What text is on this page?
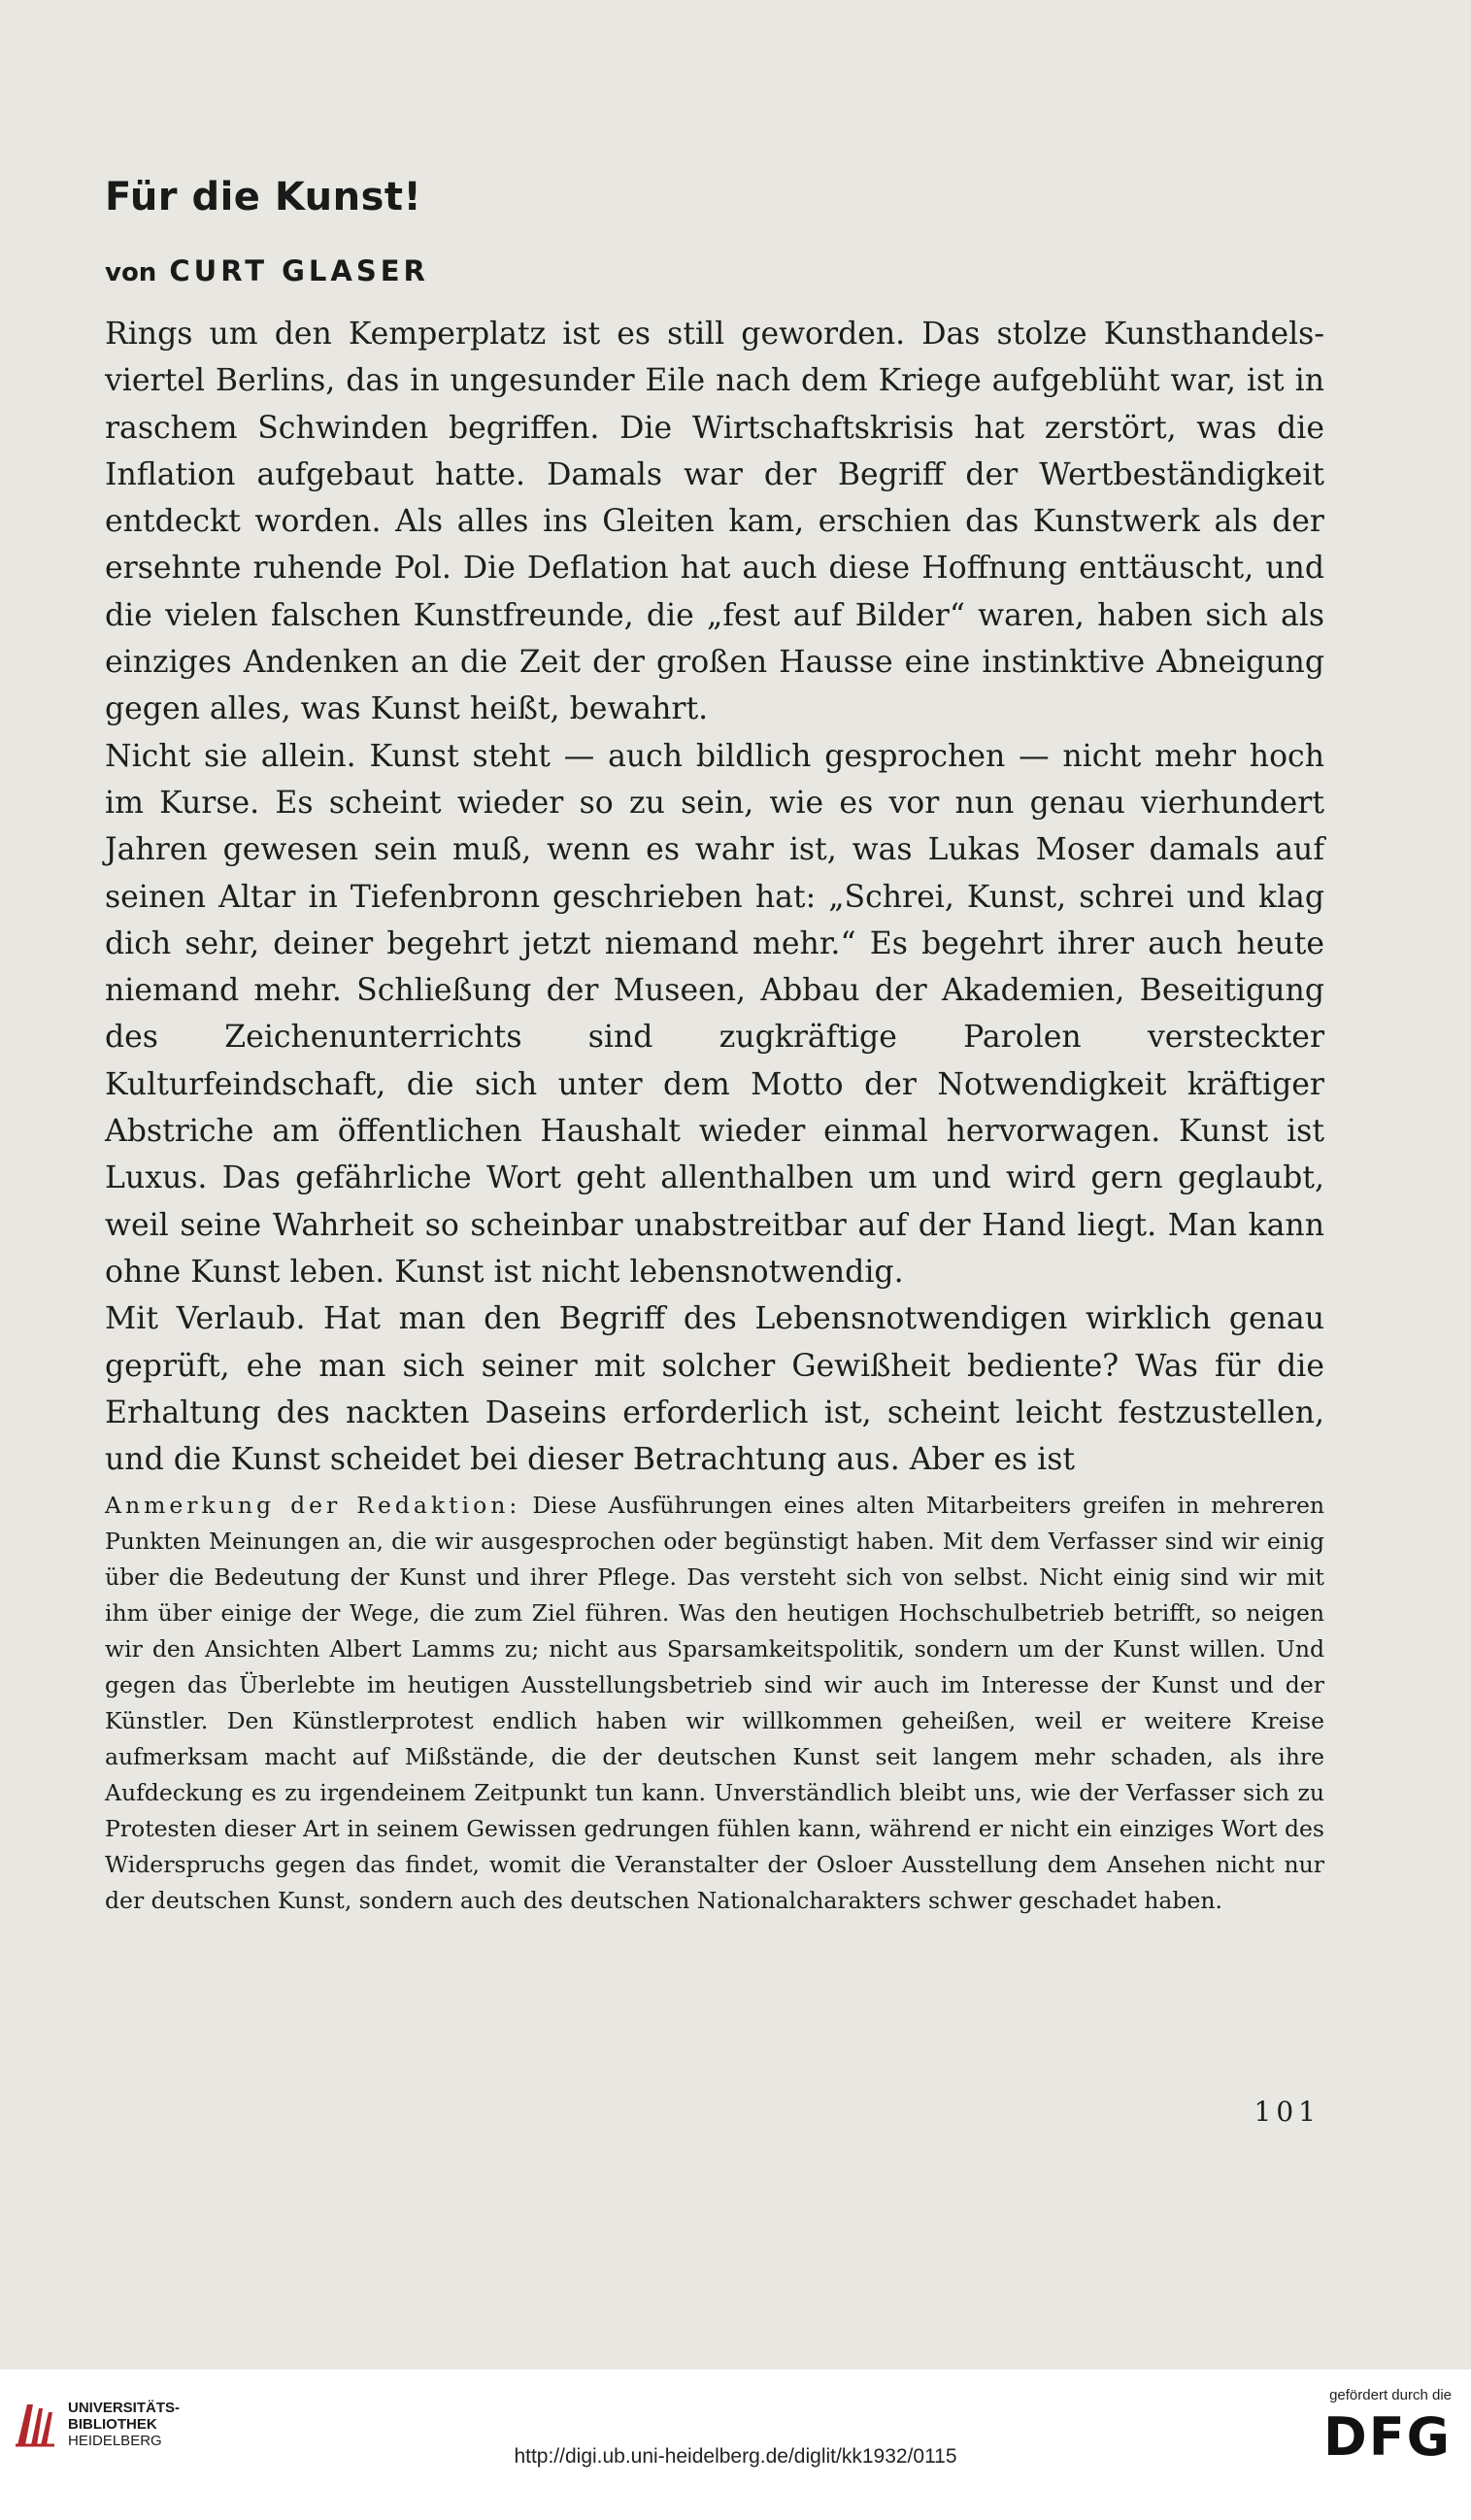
Für die Kunst!
von CURT GLASER

Rings um den Kemperplatz ist es still geworden. Das stolze Kunsthandelsviertel Berlins, das in ungesunder Eile nach dem Kriege aufgeblüht war, ist in raschem Schwinden begriffen. Die Wirtschaftskrisis hat zerstört, was die Inflation aufgebaut hatte. Damals war der Begriff der Wertbeständigkeit entdeckt worden. Als alles ins Gleiten kam, erschien das Kunstwerk als der ersehnte ruhende Pol. Die Deflation hat auch diese Hoffnung enttäuscht, und die vielen falschen Kunstfreunde, die „fest auf Bilder“ waren, haben sich als einziges Andenken an die Zeit der großen Hausse eine instinktive Abneigung gegen alles, was Kunst heißt, bewahrt.

Nicht sie allein. Kunst steht — auch bildlich gesprochen — nicht mehr hoch im Kurse. Es scheint wieder so zu sein, wie es vor nun genau vierhundert Jahren gewesen sein muß, wenn es wahr ist, was Lukas Moser damals auf seinen Altar in Tiefenbronn geschrieben hat: „Schrei, Kunst, schrei und klag dich sehr, deiner begehrt jetzt niemand mehr.“ Es begehrt ihrer auch heute niemand mehr. Schließung der Museen, Abbau der Akademien, Beseitigung des Zeichenunterrichts sind zugkräftige Parolen versteckter Kulturfeindschaft, die sich unter dem Motto der Notwendigkeit kräftiger Abstriche am öffentlichen Haushalt wieder einmal hervorwagen. Kunst ist Luxus. Das gefährliche Wort geht allenthalben um und wird gern geglaubt, weil seine Wahrheit so scheinbar unabstreitbar auf der Hand liegt. Man kann ohne Kunst leben. Kunst ist nicht lebensnotwendig.

Mit Verlaub. Hat man den Begriff des Lebensnotwendigen wirklich genau geprüft, ehe man sich seiner mit solcher Gewißheit bediente? Was für die Erhaltung des nackten Daseins erforderlich ist, scheint leicht festzustellen, und die Kunst scheidet bei dieser Betrachtung aus. Aber es ist

Anmerkung der Redaktion: Diese Ausführungen eines alten Mitarbeiters greifen in mehreren Punkten Meinungen an, die wir ausgesprochen oder begünstigt haben. Mit dem Verfasser sind wir einig über die Bedeutung der Kunst und ihrer Pflege. Das versteht sich von selbst. Nicht einig sind wir mit ihm über einige der Wege, die zum Ziel führen. Was den heutigen Hochschulbetrieb betrifft, so neigen wir den Ansichten Albert Lamms zu; nicht aus Sparsamkeitspolitik, sondern um der Kunst willen. Und gegen das Überlebte im heutigen Ausstellungsbetrieb sind wir auch im Interesse der Kunst und der Künstler. Den Künstlerprotest endlich haben wir willkommen geheißen, weil er weitere Kreise aufmerksam macht auf Mißstände, die der deutschen Kunst seit langem mehr schaden, als ihre Aufdeckung es zu irgendeinem Zeitpunkt tun kann. Unverständlich bleibt uns, wie der Verfasser sich zu Protesten dieser Art in seinem Gewissen gedrungen fühlen kann, während er nicht ein einziges Wort des Widerspruchs gegen das findet, womit die Veranstalter der Osloer Ausstellung dem Ansehen nicht nur der deutschen Kunst, sondern auch des deutschen Nationalcharakters schwer geschadet haben.

101
UNIVERSITÄTS-
BIBLIOTHEK
HEIDELBERG
http://digi.ub.uni-heidelberg.de/diglit/kk1932/0115
gefördert durch die
DFG
